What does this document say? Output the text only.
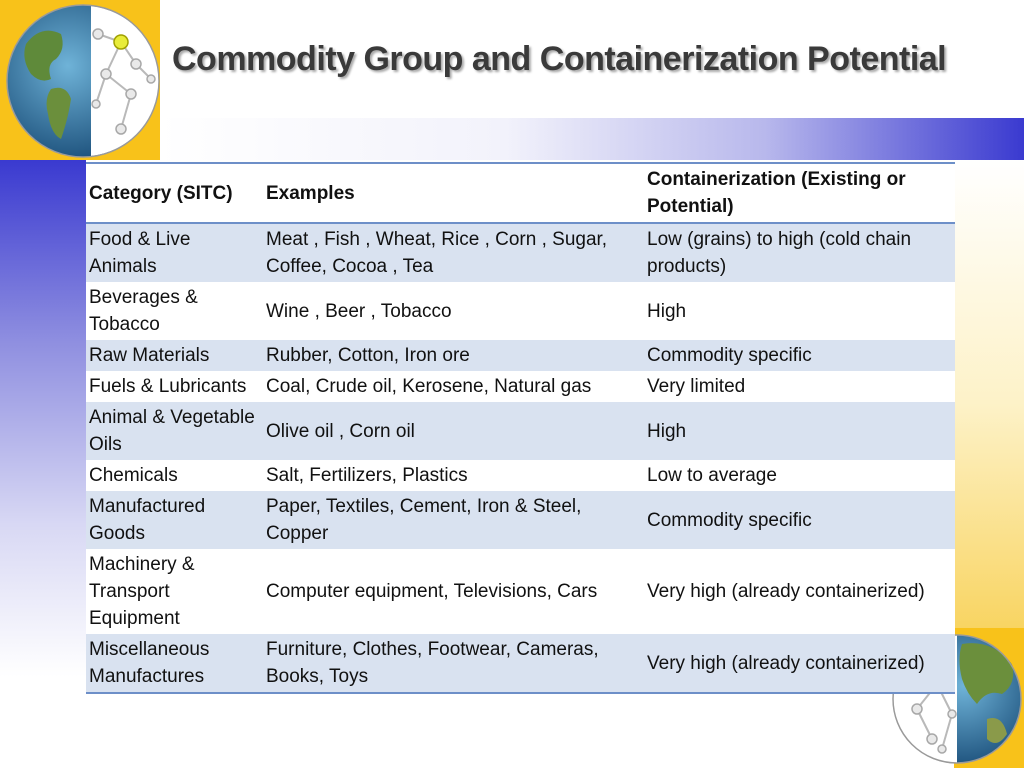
Commodity Group and Containerization Potential
Category (SITC)	Examples	Containerization (Existing or Potential)
Food & Live Animals	Meat , Fish , Wheat, Rice , Corn , Sugar, Coffee, Cocoa , Tea	Low (grains) to high (cold chain products)
Beverages & Tobacco	Wine , Beer , Tobacco	High
Raw Materials	Rubber, Cotton, Iron ore	Commodity specific
Fuels & Lubricants	Coal, Crude oil, Kerosene, Natural gas	Very limited
Animal & Vegetable Oils	Olive oil , Corn oil	High
Chemicals	Salt, Fertilizers, Plastics	Low to average
Manufactured Goods	Paper, Textiles, Cement, Iron & Steel, Copper	Commodity specific
Machinery & Transport Equipment	Computer equipment, Televisions, Cars	Very high (already containerized)
Miscellaneous Manufactures	Furniture, Clothes, Footwear, Cameras, Books, Toys	Very high (already containerized)
